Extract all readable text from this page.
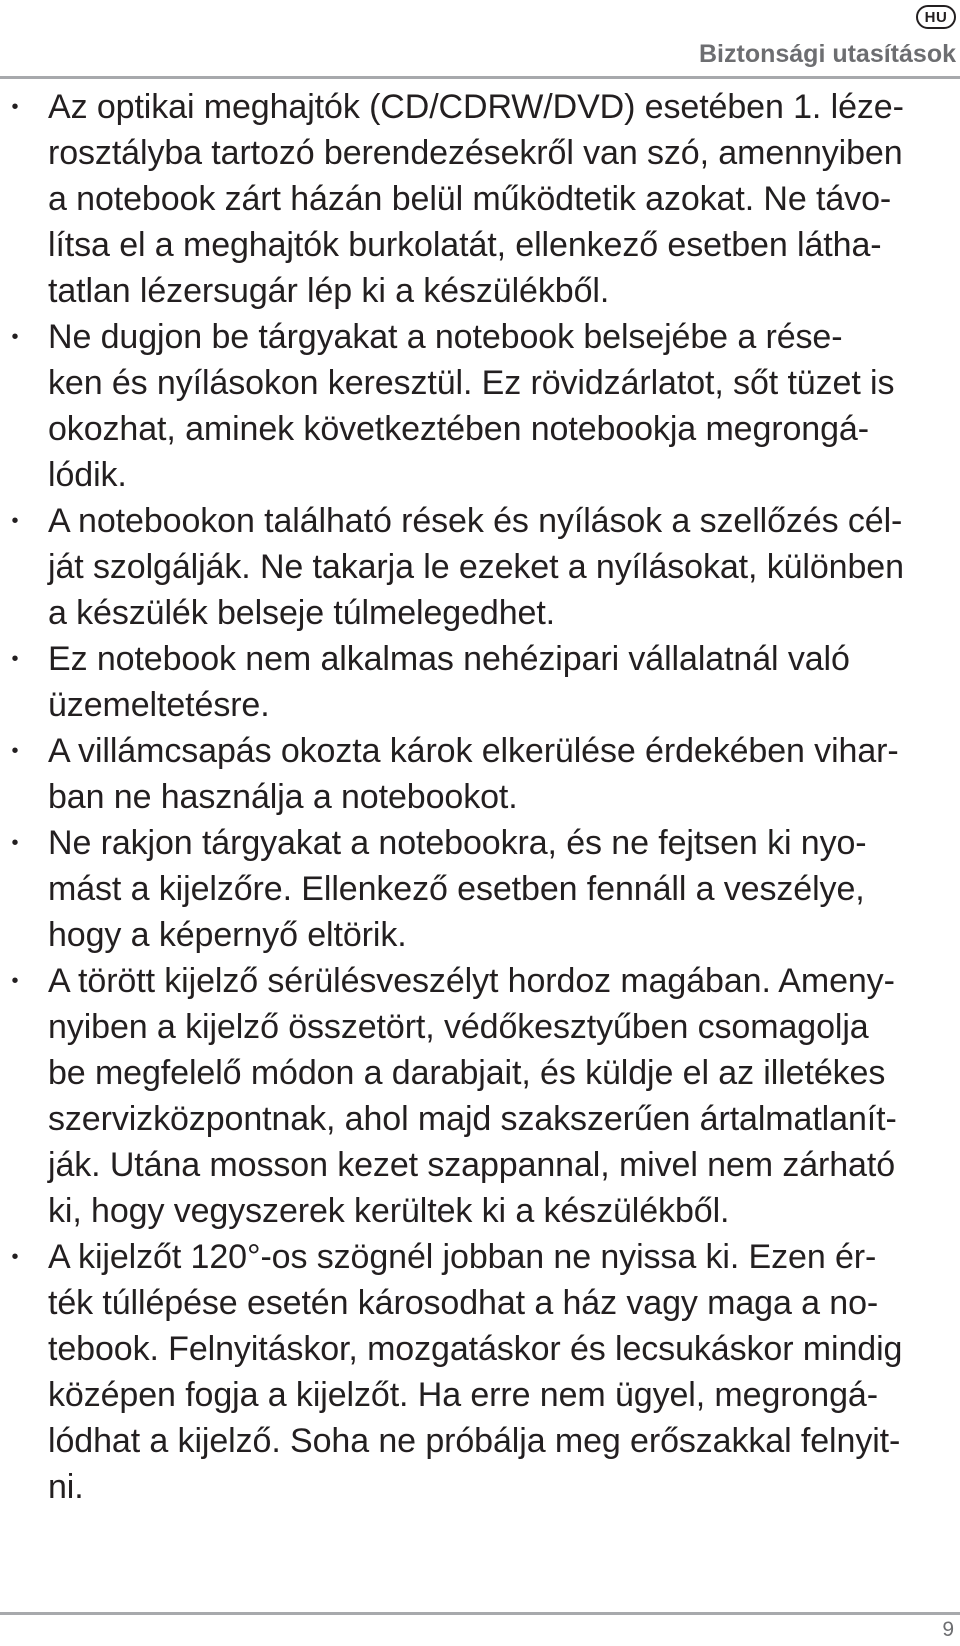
HU
Biztonsági utasítások
• Az optikai meghajtók (CD/CDRW/DVD) esetében 1. léze-
rosztályba tartozó berendezésekről van szó, amennyiben
a notebook zárt házán belül működtetik azokat. Ne távo-
lítsa el a meghajtók burkolatát, ellenkező esetben látha-
tatlan lézersugár lép ki a készülékből.
• Ne dugjon be tárgyakat a notebook belsejébe a rése-
ken és nyílásokon keresztül. Ez rövidzárlatot, sőt tüzet is
okozhat, aminek következtében notebookja megrongá-
lódik.
• A notebookon található rések és nyílások a szellőzés cél-
ját szolgálják. Ne takarja le ezeket a nyílásokat, különben
a készülék belseje túlmelegedhet.
• Ez notebook nem alkalmas nehézipari vállalatnál való
üzemeltetésre.
• A villámcsapás okozta károk elkerülése érdekében vihar-
ban ne használja a notebookot.
• Ne rakjon tárgyakat a notebookra, és ne fejtsen ki nyo-
mást a kijelzőre. Ellenkező esetben fennáll a veszélye,
hogy a képernyő eltörik.
• A törött kijelző sérülésveszélyt hordoz magában. Ameny-
nyiben a kijelző összetört, védőkesztyűben csomagolja
be megfelelő módon a darabjait, és küldje el az illetékes
szervizközpontnak, ahol majd szakszerűen ártalmatlanít-
ják. Utána mosson kezet szappannal, mivel nem zárható
ki, hogy vegyszerek kerültek ki a készülékből.
• A kijelzőt 120°-os szögnél jobban ne nyissa ki. Ezen ér-
ték túllépése esetén károsodhat a ház vagy maga a no-
tebook. Felnyitáskor, mozgatáskor és lecsukáskor mindig
középen fogja a kijelzőt. Ha erre nem ügyel, megrongá-
lódhat a kijelző. Soha ne próbálja meg erőszakkal felnyit-
ni.
9
